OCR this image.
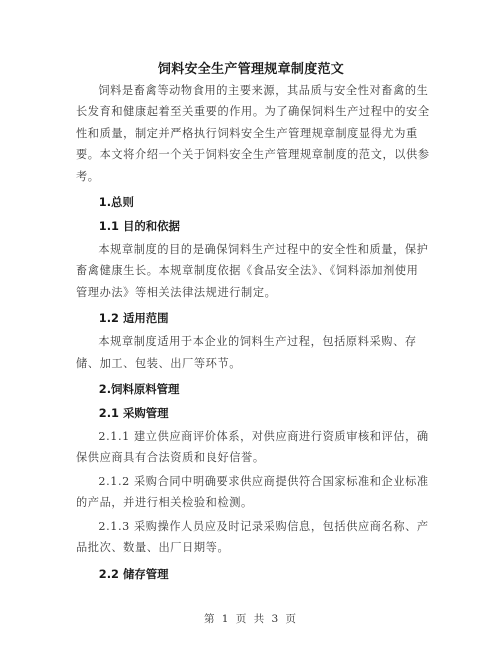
饲料安全生产管理规章制度范文

饲料是畜禽等动物食用的主要来源，其品质与安全性对畜禽的生长发育和健康起着至关重要的作用。为了确保饲料生产过程中的安全性和质量，制定并严格执行饲料安全生产管理规章制度显得尤为重要。本文将介绍一个关于饲料安全生产管理规章制度的范文，以供参考。

1.总则
1.1 目的和依据

本规章制度的目的是确保饲料生产过程中的安全性和质量，保护畜禽健康生长。本规章制度依据《食品安全法》、《饲料添加剂使用管理办法》等相关法律法规进行制定。

1.2 适用范围

本规章制度适用于本企业的饲料生产过程，包括原料采购、存储、加工、包装、出厂等环节。

2.饲料原料管理
2.1 采购管理

2.1.1 建立供应商评价体系，对供应商进行资质审核和评估，确保供应商具有合法资质和良好信誉。

2.1.2 采购合同中明确要求供应商提供符合国家标准和企业标准的产品，并进行相关检验和检测。

2.1.3 采购操作人员应及时记录采购信息，包括供应商名称、产品批次、数量、出厂日期等。

2.2 储存管理
第 1 页 共 3 页
